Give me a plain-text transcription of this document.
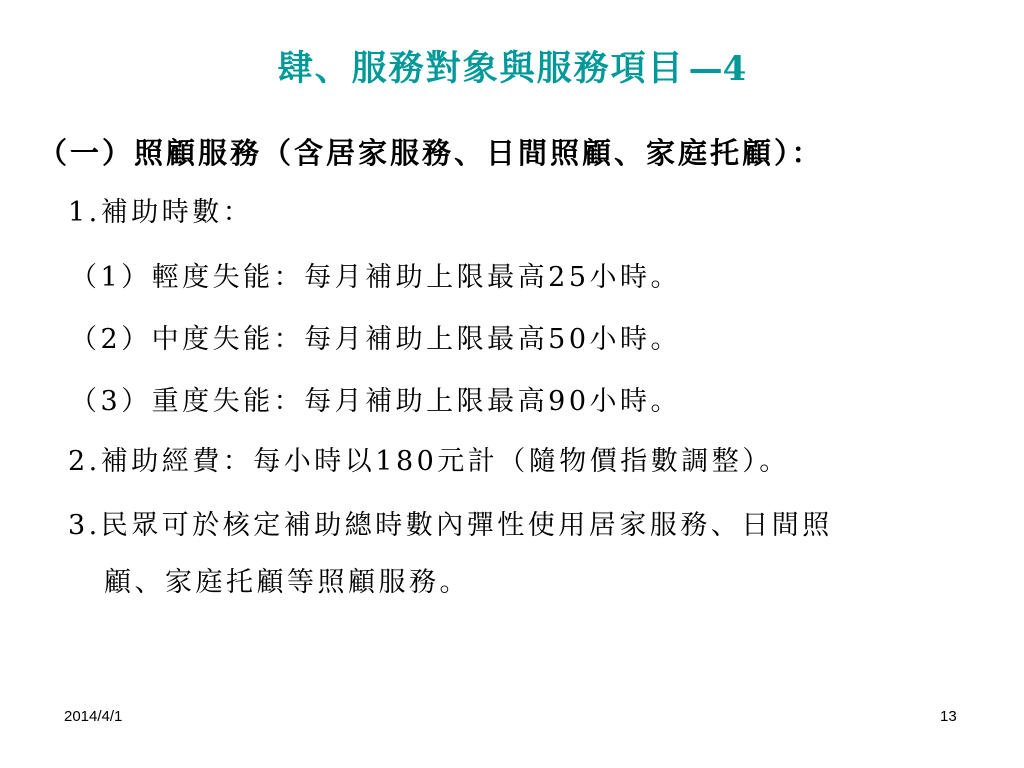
肆、服務對象與服務項目 —4
（一）照顧服務（含居家服務、日間照顧、家庭托顧）：
1.補助時數：
（1）輕度失能：每月補助上限最高25小時。
（2）中度失能：每月補助上限最高50小時。
（3）重度失能：每月補助上限最高90小時。
2.補助經費：每小時以180元計（隨物價指數調整）。
3.民眾可於核定補助總時數內彈性使用居家服務、日間照
顧、家庭托顧等照顧服務。
2014/4/1	13
